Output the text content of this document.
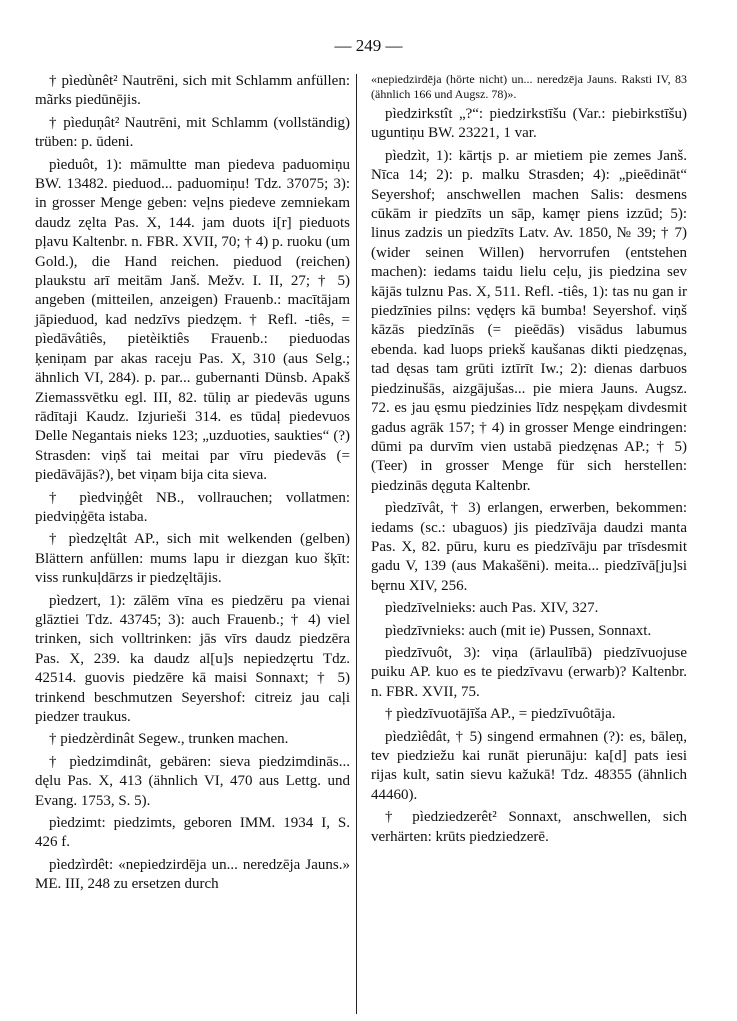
— 249 —

† pìedùnêt² Nautrēni, sich mit Schlamm anfüllen: mãrks piedūnējis.

† pìeduņât² Nautrēni, mit Schlamm (vollständig) trüben: p. ūdeni.

pìeduôt, 1): māmultte man piedeva paduomiņu BW. 13482. pieduod... paduomiņu! Tdz. 37075; 3): in grosser Menge geben: veļns piedeve zemniekam daudz zęlta Pas. X, 144. jam duots i[r] pieduots pļavu Kaltenbr. n. FBR. XVII, 70; † 4) p. ruoku (um Gold.), die Hand reichen. pieduod (reichen) plaukstu arī meitām Janš. Mežv. I. II, 27; † 5) angeben (mitteilen, anzeigen) Frauenb.: macītājam jāpieduod, kad nedzīvs piedzęm. † Refl. -tiês, = pìedāvâtiês, pietèiktiês Frauenb.: pieduodas ķeniņam par akas raceju Pas. X, 310 (aus Selg.; ähnlich VI, 284). p. par... gubernanti Dünsb. Apakš Ziemassvētku egl. III, 82. tūliņ ar piedevās uguns rādītaji Kaudz. Izjurieši 314. es tūdaļ piedevuos Delle Negantais nieks 123; „uzduoties, saukties“ (?) Strasden: viņš tai meitai par vīru piedevās (= piedāvājās?), bet viņam bija cita sieva.

† pìedviņģêt NB., vollrauchen; vollatmen: piedviņģēta istaba.

† pìedzęltât AP., sich mit welkenden (gelben) Blättern anfüllen: mums lapu ir diezgan kuo šķīt: viss runkuļdārzs ir piedzęltājis.

pìedzert, 1): zālēm vīna es piedzēru pa vienai glāztiei Tdz. 43745; 3): auch Frauenb.; † 4) viel trinken, sich volltrinken: jās vīrs daudz piedzēra Pas. X, 239. ka daudz al[u]s nepiedzęrtu Tdz. 42514. guovis piedzēre kā maisi Sonnaxt; † 5) trinkend beschmutzen Seyershof: citreiz jau caļi piedzer traukus.

† piedzèrdinât Segew., trunken machen.

† pìedzimdinât, gebären: sieva piedzimdinās... dęlu Pas. X, 413 (ähnlich VI, 470 aus Lettg. und Evang. 1753, S. 5).

pìedzimt: piedzimts, geboren IMM. 1934 I, S. 426 f.

pìedzìrdêt: «nepiedzirdēja un... neredzēja Jauns.» ME. III, 248 zu ersetzen durch

«nepiedzirdēja (hörte nicht) un... neredzēja Jauns. Raksti IV, 83 (ähnlich 166 und Augsz. 78)».

pìedzirkstît „?“: piedzirkstīšu (Var.: piebirkstīšu) uguntiņu BW. 23221, 1 var.

pìedzìt, 1): kārtįs p. ar mietiem pie zemes Janš. Nīca 14; 2): p. malku Strasden; 4): „pieēdināt“ Seyershof; anschwellen machen Salis: desmens cūkām ir piedzīts un sāp, kamęr piens izzūd; 5): linus zadzis un piedzīts Latv. Av. 1850, № 39; † 7) (wider seinen Willen) hervorrufen (entstehen machen): iedams taidu lielu ceļu, jis piedzina sev kājās tulznu Pas. X, 511. Refl. -tiês, 1): tas nu gan ir piedzīnies pilns: vędęrs kā bumba! Seyershof. viņš kāzās piedzīnās (= pieēdās) visādus labumus ebenda. kad luops priekš kaušanas dikti piedzęnas, tad dęsas tam grūti iztīrīt Iw.; 2): dienas darbuos piedzinušās, aizgājušas... pie miera Jauns. Augsz. 72. es jau ęsmu piedzinies līdz nespęķam divdesmit gadus agrāk 157; † 4) in grosser Menge eindringen: dūmi pa durvīm vien ustabā piedzęnas AP.; † 5) (Teer) in grosser Menge für sich herstellen: piedzinās dęguta Kaltenbr.

pìedzīvât, † 3) erlangen, erwerben, bekommen: iedams (sc.: ubaguos) jis piedzīvāja daudzi manta Pas. X, 82. pūru, kuru es piedzīvāju par trīsdesmit gadu V, 139 (aus Makašēni). meita... piedzīvā[ju]si bęrnu XIV, 256.

pìedzīvelnieks: auch Pas. XIV, 327.

pìedzīvnieks: auch (mit ie) Pussen, Sonnaxt.

pìedzīvuôt, 3): viņa (ārlaulībā) piedzīvuojuse puiku AP. kuo es te piedzīvavu (erwarb)? Kaltenbr. n. FBR. XVII, 75.

† pìedzīvuotājīša AP., = piedzīvuôtāja.

pìedzìêdât, † 5) singend ermahnen (?): es, bāleņ, tev piedziežu kai runāt pierunāju: ka[d] pats iesi rijas kult, satin sievu kažukā! Tdz. 48355 (ähnlich 44460).

† pìedziedzerêt² Sonnaxt, anschwellen, sich verhärten: krūts piedziedzerē.
